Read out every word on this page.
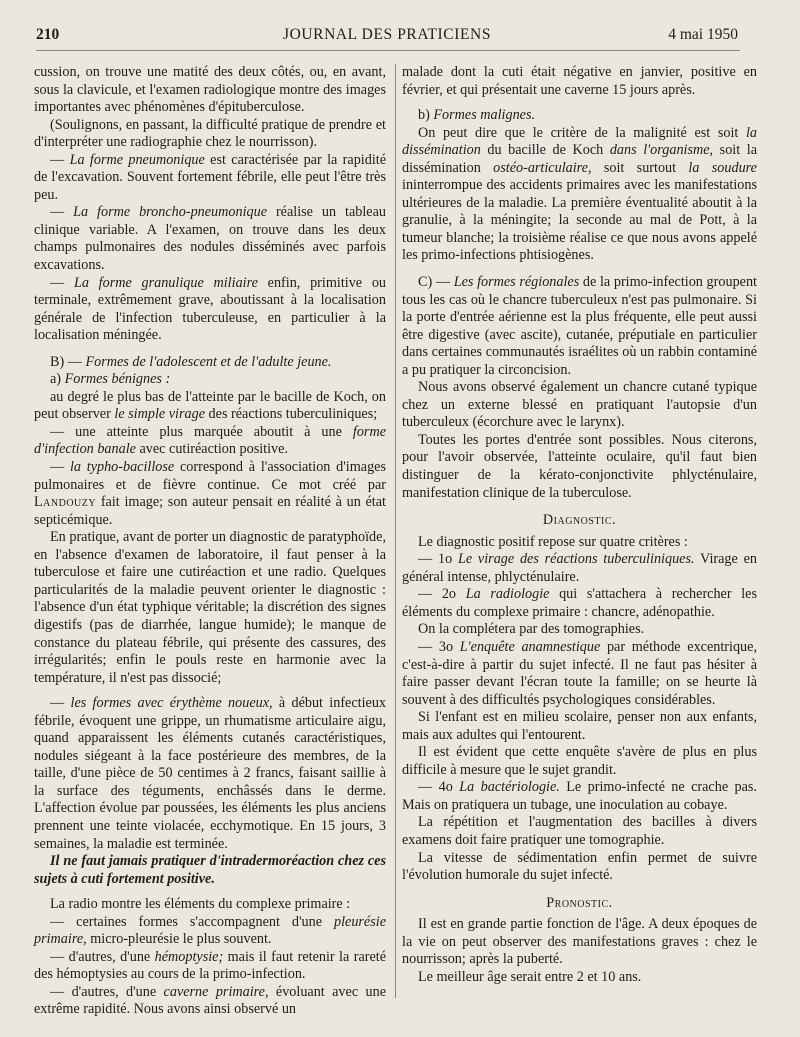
210	JOURNAL DES PRATICIENS	4 mai 1950

cussion, on trouve une matité des deux côtés, ou, en avant, sous la clavicule, et l'examen radiologique montre des images importantes avec phénomènes d'épituberculose.

(Soulignons, en passant, la difficulté pratique de prendre et d'interpréter une radiographie chez le nourrisson).

— La forme pneumonique est caractérisée par la rapidité de l'excavation. Souvent fortement fébrile, elle peut l'être très peu.

— La forme broncho-pneumonique réalise un tableau clinique variable. A l'examen, on trouve dans les deux champs pulmonaires des nodules disséminés avec parfois excavations.

— La forme granulique miliaire enfin, primitive ou terminale, extrêmement grave, aboutissant à la localisation générale de l'infection tuberculeuse, en particulier à la localisation méningée.

B) — Formes de l'adolescent et de l'adulte jeune.

a) Formes bénignes :

au degré le plus bas de l'atteinte par le bacille de Koch, on peut observer le simple virage des réactions tuberculiniques;

— une atteinte plus marquée aboutit à une forme d'infection banale avec cutiréaction positive.

— la typho-bacillose correspond à l'association d'images pulmonaires et de fièvre continue. Ce mot créé par Landouzy fait image; son auteur pensait en réalité à un état septicémique.

En pratique, avant de porter un diagnostic de paratyphoïde, en l'absence d'examen de laboratoire, il faut penser à la tuberculose et faire une cutiréaction et une radio. Quelques particularités de la maladie peuvent orienter le diagnostic : l'absence d'un état typhique véritable; la discrétion des signes digestifs (pas de diarrhée, langue humide); le manque de constance du plateau fébrile, qui présente des cassures, des irrégularités; enfin le pouls reste en harmonie avec la température, il n'est pas dissocié;

— les formes avec érythème noueux, à début infectieux fébrile, évoquent une grippe, un rhumatisme articulaire aigu, quand apparaissent les éléments cutanés caractéristiques, nodules siégeant à la face postérieure des membres, de la taille, d'une pièce de 50 centimes à 2 francs, faisant saillie à la surface des téguments, enchâssés dans le derme. L'affection évolue par poussées, les éléments les plus anciens prennent une teinte violacée, ecchymotique. En 15 jours, 3 semaines, la maladie est terminée.

Il ne faut jamais pratiquer d'intradermoréaction chez ces sujets à cuti fortement positive.

La radio montre les éléments du complexe primaire :

— certaines formes s'accompagnent d'une pleurésie primaire, micro-pleurésie le plus souvent.

— d'autres, d'une hémoptysie; mais il faut retenir la rareté des hémoptysies au cours de la primo-infection.

— d'autres, d'une caverne primaire, évoluant avec une extrême rapidité. Nous avons ainsi observé un

malade dont la cuti était négative en janvier, positive en février, et qui présentait une caverne 15 jours après.

b) Formes malignes.

On peut dire que le critère de la malignité est soit la dissémination du bacille de Koch dans l'organisme, soit la dissémination ostéo-articulaire, soit surtout la soudure ininterrompue des accidents primaires avec les manifestations ultérieures de la maladie. La première éventualité aboutit à la granulie, à la méningite; la seconde au mal de Pott, à la tumeur blanche; la troisième réalise ce que nous avons appelé les primo-infections phtisiogènes.

C) — Les formes régionales de la primo-infection groupent tous les cas où le chancre tuberculeux n'est pas pulmonaire. Si la porte d'entrée aérienne est la plus fréquente, elle peut aussi être digestive (avec ascite), cutanée, préputiale en particulier dans certaines communautés israélites où un rabbin contaminé a pu pratiquer la circoncision.

Nous avons observé également un chancre cutané typique chez un externe blessé en pratiquant l'autopsie d'un tuberculeux (écorchure avec le larynx).

Toutes les portes d'entrée sont possibles. Nous citerons, pour l'avoir observée, l'atteinte oculaire, qu'il faut bien distinguer de la kérato-conjonctivite phlycténulaire, manifestation clinique de la tuberculose.

Diagnostic.

Le diagnostic positif repose sur quatre critères :

— 1o Le virage des réactions tuberculiniques. Virage en général intense, phlycténulaire.

— 2o La radiologie qui s'attachera à rechercher les éléments du complexe primaire : chancre, adénopathie.

On la complétera par des tomographies.

— 3o L'enquête anamnestique par méthode excentrique, c'est-à-dire à partir du sujet infecté. Il ne faut pas hésiter à faire passer devant l'écran toute la famille; on se heurte là souvent à des difficultés psychologiques considérables.

Si l'enfant est en milieu scolaire, penser non aux enfants, mais aux adultes qui l'entourent.

Il est évident que cette enquête s'avère de plus en plus difficile à mesure que le sujet grandit.

— 4o La bactériologie. Le primo-infecté ne crache pas. Mais on pratiquera un tubage, une inoculation au cobaye.

La répétition et l'augmentation des bacilles à divers examens doit faire pratiquer une tomographie.

La vitesse de sédimentation enfin permet de suivre l'évolution humorale du sujet infecté.

Pronostic.

Il est en grande partie fonction de l'âge. A deux époques de la vie on peut observer des manifestations graves : chez le nourrisson; après la puberté.

Le meilleur âge serait entre 2 et 10 ans.
